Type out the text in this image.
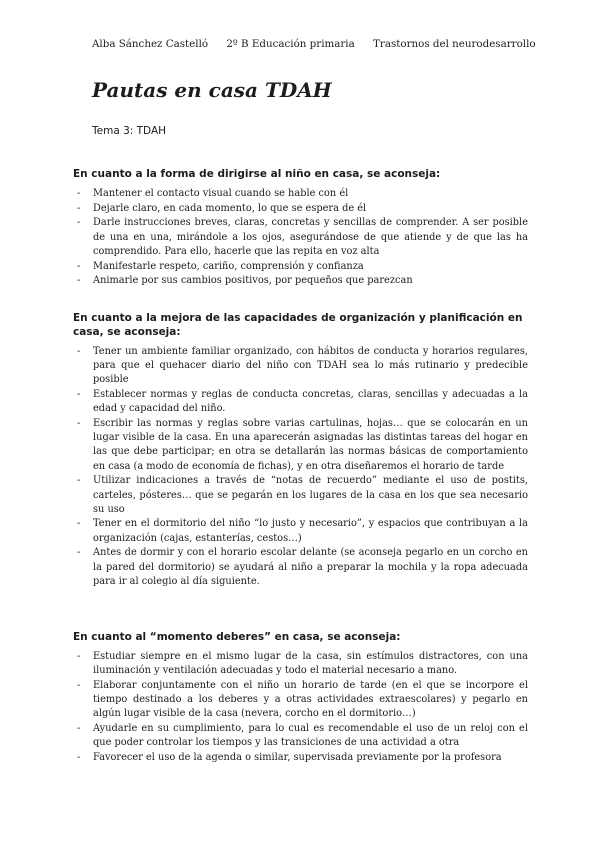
Alba Sánchez Castelló 2º B Educación primaria Trastornos del neurodesarrollo
Pautas en casa TDAH
Tema 3: TDAH
En cuanto a la forma de dirigirse al niño en casa, se aconseja:
- Mantener el contacto visual cuando se hable con él
- Dejarle claro, en cada momento, lo que se espera de él
- Darle instrucciones breves, claras, concretas y sencillas de comprender. A ser posible de una en una, mirándole a los ojos, asegurándose de que atiende y de que las ha comprendido. Para ello, hacerle que las repita en voz alta
- Manifestarle respeto, cariño, comprensión y confianza
- Animarle por sus cambios positivos, por pequeños que parezcan
En cuanto a la mejora de las capacidades de organización y planificación en casa, se aconseja:
- Tener un ambiente familiar organizado, con hábitos de conducta y horarios regulares, para que el quehacer diario del niño con TDAH sea lo más rutinario y predecible posible
- Establecer normas y reglas de conducta concretas, claras, sencillas y adecuadas a la edad y capacidad del niño.
- Escribir las normas y reglas sobre varias cartulinas, hojas… que se colocarán en un lugar visible de la casa. En una aparecerán asignadas las distintas tareas del hogar en las que debe participar; en otra se detallarán las normas básicas de comportamiento en casa (a modo de economía de fichas), y en otra diseñaremos el horario de tarde
- Utilizar indicaciones a través de “notas de recuerdo” mediante el uso de postits, carteles, pósteres… que se pegarán en los lugares de la casa en los que sea necesario su uso
- Tener en el dormitorio del niño “lo justo y necesario”, y espacios que contribuyan a la organización (cajas, estanterías, cestos…)
- Antes de dormir y con el horario escolar delante (se aconseja pegarlo en un corcho en la pared del dormitorio) se ayudará al niño a preparar la mochila y la ropa adecuada para ir al colegio al día siguiente.
En cuanto al “momento deberes” en casa, se aconseja:
- Estudiar siempre en el mismo lugar de la casa, sin estímulos distractores, con una iluminación y ventilación adecuadas y todo el material necesario a mano.
- Elaborar conjuntamente con el niño un horario de tarde (en el que se incorpore el tiempo destinado a los deberes y a otras actividades extraescolares) y pegarlo en algún lugar visible de la casa (nevera, corcho en el dormitorio…)
- Ayudarle en su cumplimiento, para lo cual es recomendable el uso de un reloj con el que poder controlar los tiempos y las transiciones de una actividad a otra
- Favorecer el uso de la agenda o similar, supervisada previamente por la profesora
